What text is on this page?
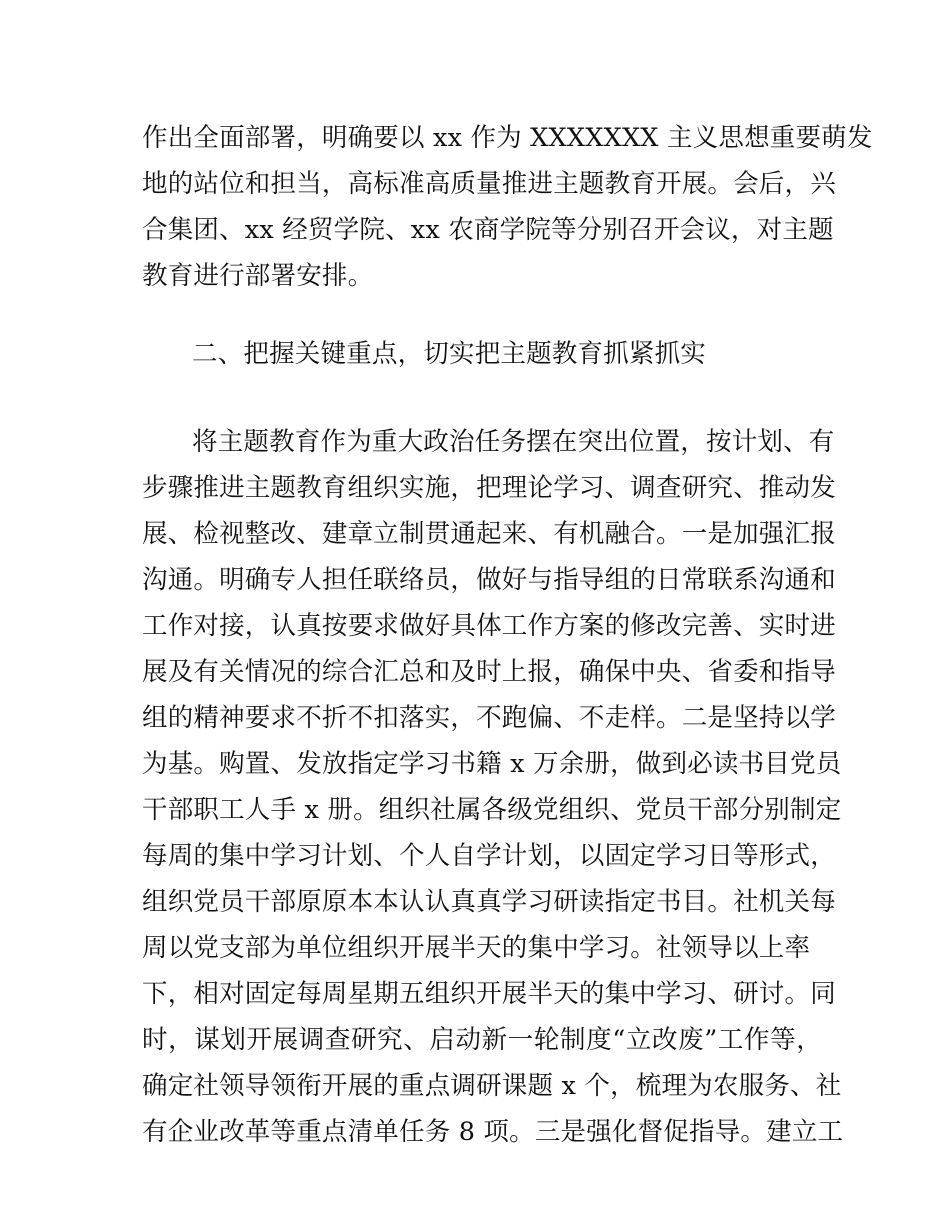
作出全面部署，明确要以 xx 作为 XXXXXXX 主义思想重要萌发
地的站位和担当，高标准高质量推进主题教育开展。会后，兴
合集团、xx 经贸学院、xx 农商学院等分别召开会议，对主题
教育进行部署安排。
二、把握关键重点，切实把主题教育抓紧抓实
将主题教育作为重大政治任务摆在突出位置，按计划、有
步骤推进主题教育组织实施，把理论学习、调查研究、推动发
展、检视整改、建章立制贯通起来、有机融合。一是加强汇报
沟通。明确专人担任联络员，做好与指导组的日常联系沟通和
工作对接，认真按要求做好具体工作方案的修改完善、实时进
展及有关情况的综合汇总和及时上报，确保中央、省委和指导
组的精神要求不折不扣落实，不跑偏、不走样。二是坚持以学
为基。购置、发放指定学习书籍 x 万余册，做到必读书目党员
干部职工人手 x 册。组织社属各级党组织、党员干部分别制定
每周的集中学习计划、个人自学计划，以固定学习日等形式，
组织党员干部原原本本认认真真学习研读指定书目。社机关每
周以党支部为单位组织开展半天的集中学习。社领导以上率
下，相对固定每周星期五组织开展半天的集中学习、研讨。同
时，谋划开展调查研究、启动新一轮制度“立改废”工作等，
确定社领导领衔开展的重点调研课题 x 个，梳理为农服务、社
有企业改革等重点清单任务 8 项。三是强化督促指导。建立工
